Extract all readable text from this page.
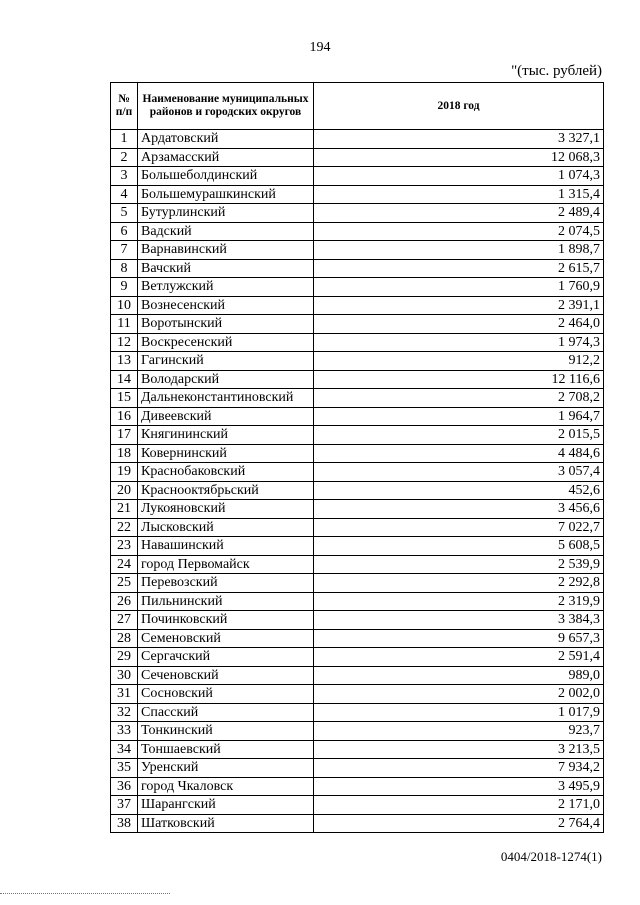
194
"(тыс. рублей)
№ п/п	Наименование муниципальных районов и городских округов	2018 год
1	Ардатовский	3 327,1
2	Арзамасский	12 068,3
3	Большеболдинский	1 074,3
4	Большемурашкинский	1 315,4
5	Бутурлинский	2 489,4
6	Вадский	2 074,5
7	Варнавинский	1 898,7
8	Вачский	2 615,7
9	Ветлужский	1 760,9
10	Вознесенский	2 391,1
11	Воротынский	2 464,0
12	Воскресенский	1 974,3
13	Гагинский	912,2
14	Володарский	12 116,6
15	Дальнеконстантиновский	2 708,2
16	Дивеевский	1 964,7
17	Княгининский	2 015,5
18	Ковернинский	4 484,6
19	Краснобаковский	3 057,4
20	Краснооктябрьский	452,6
21	Лукояновский	3 456,6
22	Лысковский	7 022,7
23	Навашинский	5 608,5
24	город Первомайск	2 539,9
25	Перевозский	2 292,8
26	Пильнинский	2 319,9
27	Починковский	3 384,3
28	Семеновский	9 657,3
29	Сергачский	2 591,4
30	Сеченовский	989,0
31	Сосновский	2 002,0
32	Спасский	1 017,9
33	Тонкинский	923,7
34	Тоншаевский	3 213,5
35	Уренский	7 934,2
36	город Чкаловск	3 495,9
37	Шарангский	2 171,0
38	Шатковский	2 764,4
0404/2018-1274(1)
